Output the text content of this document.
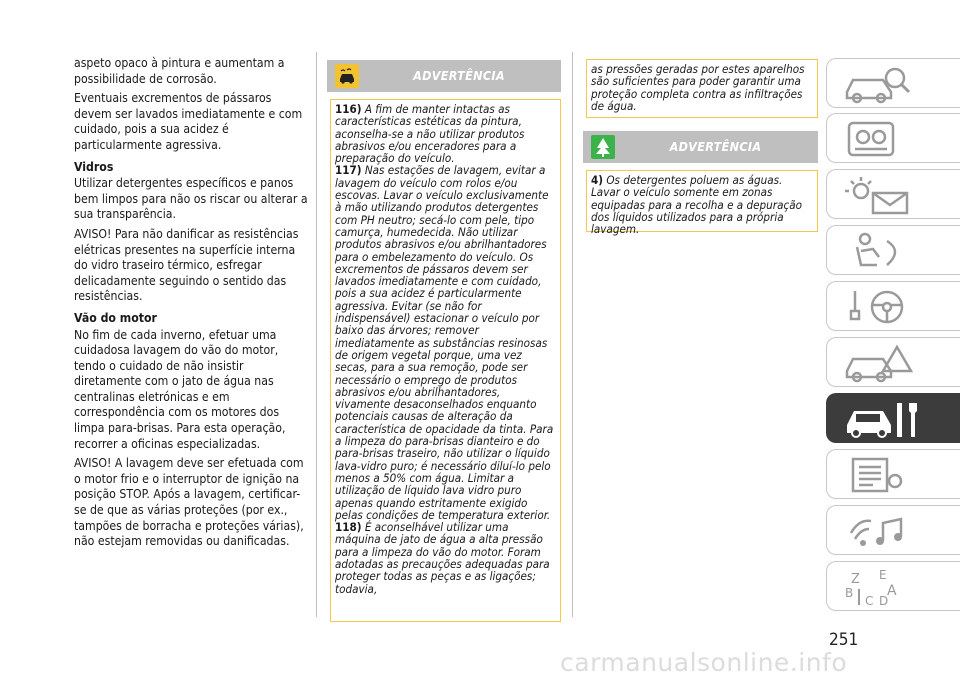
aspeto opaco à pintura e aumentam a possibilidade de corrosão.

Eventuais excrementos de pássaros devem ser lavados imediatamente e com cuidado, pois a sua acidez é particularmente agressiva.

Vidros

Utilizar detergentes específicos e panos bem limpos para não os riscar ou alterar a sua transparência.

AVISO! Para não danificar as resistências elétricas presentes na superfície interna do vidro traseiro térmico, esfregar delicadamente seguindo o sentido das resistências.

Vão do motor

No fim de cada inverno, efetuar uma cuidadosa lavagem do vão do motor, tendo o cuidado de não insistir diretamente com o jato de água nas centralinas eletrónicas e em correspondência com os motores dos limpa para-brisas. Para esta operação, recorrer a oficinas especializadas.

AVISO! A lavagem deve ser efetuada com o motor frio e o interruptor de ignição na posição STOP. Após a lavagem, certificar-se de que as várias proteções (por ex., tampões de borracha e proteções várias), não estejam removidas ou danificadas.

ADVERTÊNCIA

116) A fim de manter intactas as características estéticas da pintura, aconselha-se a não utilizar produtos abrasivos e/ou enceradores para a preparação do veículo.

117) Nas estações de lavagem, evitar a lavagem do veículo com rolos e/ou escovas. Lavar o veículo exclusivamente à mão utilizando produtos detergentes com PH neutro; secá-lo com pele, tipo camurça, humedecida. Não utilizar produtos abrasivos e/ou abrilhantadores para o embelezamento do veículo. Os excrementos de pássaros devem ser lavados imediatamente e com cuidado, pois a sua acidez é particularmente agressiva. Evitar (se não for indispensável) estacionar o veículo por baixo das árvores; remover imediatamente as substâncias resinosas de origem vegetal porque, uma vez secas, para a sua remoção, pode ser necessário o emprego de produtos abrasivos e/ou abrilhantadores, vivamente desaconselhados enquanto potenciais causas de alteração da característica de opacidade da tinta. Para a limpeza do para-brisas dianteiro e do para-brisas traseiro, não utilizar o líquido lava-vidro puro; é necessário diluí-lo pelo menos a 50% com água. Limitar a utilização de líquido lava vidro puro apenas quando estritamente exigido pelas condições de temperatura exterior.

118) É aconselhável utilizar uma máquina de jato de água a alta pressão para a limpeza do vão do motor. Foram adotadas as precauções adequadas para proteger todas as peças e as ligações; todavia,

as pressões geradas por estes aparelhos são suficientes para poder garantir uma proteção completa contra as infiltrações de água.

ADVERTÊNCIA

4) Os detergentes poluem as águas. Lavar o veículo somente em zonas equipadas para a recolha e a depuração dos líquidos utilizados para a própria lavagem.

Z E
B A
C D
251
carmanualsonline.info
